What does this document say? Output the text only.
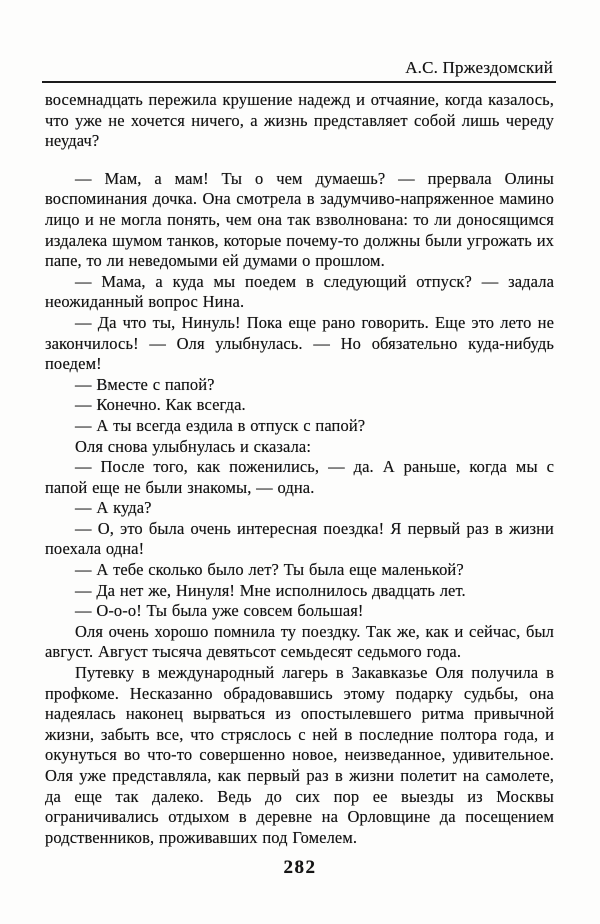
А.С. Пржездомский

восемнадцать пережила крушение надежд и отчаяние, когда казалось, что уже не хочется ничего, а жизнь представляет собой лишь череду неудач?

— Мам, а мам! Ты о чем думаешь? — прервала Олины воспоминания дочка. Она смотрела в задумчиво-напряженное мамино лицо и не могла понять, чем она так взволнована: то ли доносящимся издалека шумом танков, которые почему-то должны были угрожать их папе, то ли неведомыми ей думами о прошлом.

— Мама, а куда мы поедем в следующий отпуск? — задала неожиданный вопрос Нина.

— Да что ты, Нинуль! Пока еще рано говорить. Еще это лето не закончилось! — Оля улыбнулась. — Но обязательно куда-нибудь поедем!

— Вместе с папой?

— Конечно. Как всегда.

— А ты всегда ездила в отпуск с папой?

Оля снова улыбнулась и сказала:

— После того, как поженились, — да. А раньше, когда мы с папой еще не были знакомы, — одна.

— А куда?

— О, это была очень интересная поездка! Я первый раз в жизни поехала одна!

— А тебе сколько было лет? Ты была еще маленькой?

— Да нет же, Нинуля! Мне исполнилось двадцать лет.

— О-о-о! Ты была уже совсем большая!

Оля очень хорошо помнила ту поездку. Так же, как и сейчас, был август. Август тысяча девятьсот семьдесят седьмого года.

Путевку в международный лагерь в Закавказье Оля получила в профкоме. Несказанно обрадовавшись этому подарку судьбы, она надеялась наконец вырваться из опостылевшего ритма привычной жизни, забыть все, что стряслось с ней в последние полтора года, и окунуться во что-то совершенно новое, неизведанное, удивительное. Оля уже представляла, как первый раз в жизни полетит на самолете, да еще так далеко. Ведь до сих пор ее выезды из Москвы ограничивались отдыхом в деревне на Орловщине да посещением родственников, проживавших под Гомелем.

282
